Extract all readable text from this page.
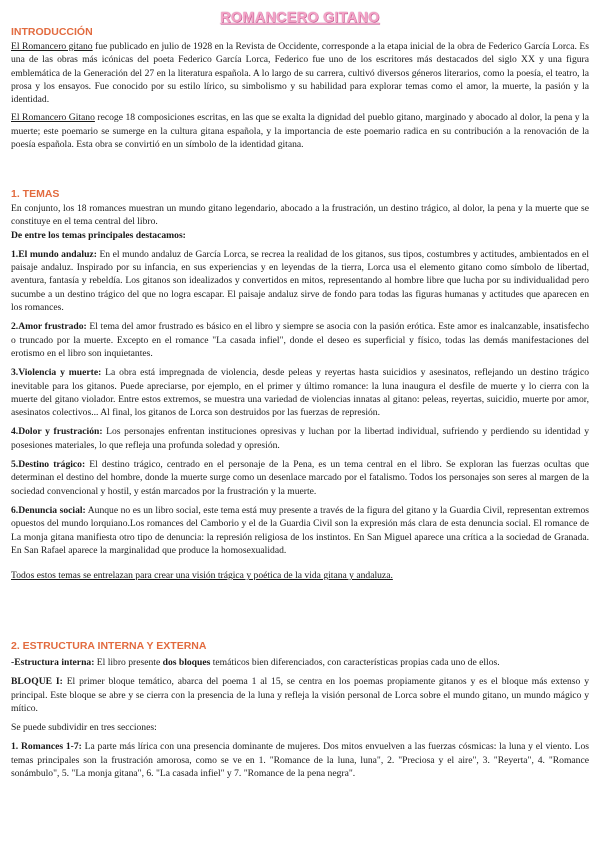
ROMANCERO GITANO
INTRODUCCIÓN

El Romancero gitano fue publicado en julio de 1928 en la Revista de Occidente, corresponde a la etapa inicial de la obra de Federico García Lorca. Es una de las obras más icónicas del poeta Federico García Lorca, Federico fue uno de los escritores más destacados del siglo XX y una figura emblemática de la Generación del 27 en la literatura española. A lo largo de su carrera, cultivó diversos géneros literarios, como la poesía, el teatro, la prosa y los ensayos. Fue conocido por su estilo lírico, su simbolismo y su habilidad para explorar temas como el amor, la muerte, la pasión y la identidad.

El Romancero Gitano recoge 18 composiciones escritas, en las que se exalta la dignidad del pueblo gitano, marginado y abocado al dolor, la pena y la muerte; este poemario se sumerge en la cultura gitana española, y la importancia de este poemario radica en su contribución a la renovación de la poesía española. Esta obra se convirtió en un símbolo de la identidad gitana.

1. TEMAS

En conjunto, los 18 romances muestran un mundo gitano legendario, abocado a la frustración, un destino trágico, al dolor, la pena y la muerte que se constituye en el tema central del libro.

De entre los temas principales destacamos:

1.El mundo andaluz: En el mundo andaluz de García Lorca, se recrea la realidad de los gitanos, sus tipos, costumbres y actitudes, ambientados en el paisaje andaluz. Inspirado por su infancia, en sus experiencias y en leyendas de la tierra, Lorca usa el elemento gitano como símbolo de libertad, aventura, fantasía y rebeldía. Los gitanos son idealizados y convertidos en mitos, representando al hombre libre que lucha por su individualidad pero sucumbe a un destino trágico del que no logra escapar. El paisaje andaluz sirve de fondo para todas las figuras humanas y actitudes que aparecen en los romances.

2.Amor frustrado: El tema del amor frustrado es básico en el libro y siempre se asocia con la pasión erótica. Este amor es inalcanzable, insatisfecho o truncado por la muerte. Excepto en el romance "La casada infiel", donde el deseo es superficial y físico, todas las demás manifestaciones del erotismo en el libro son inquietantes.

3.Violencia y muerte: La obra está impregnada de violencia, desde peleas y reyertas hasta suicidios y asesinatos, reflejando un destino trágico inevitable para los gitanos. Puede apreciarse, por ejemplo, en el primer y último romance: la luna inaugura el desfile de muerte y lo cierra con la muerte del gitano violador. Entre estos extremos, se muestra una variedad de violencias innatas al gitano: peleas, reyertas, suicidio, muerte por amor, asesinatos colectivos... Al final, los gitanos de Lorca son destruidos por las fuerzas de represión.

4.Dolor y frustración: Los personajes enfrentan instituciones opresivas y luchan por la libertad individual, sufriendo y perdiendo su identidad y posesiones materiales, lo que refleja una profunda soledad y opresión.

5.Destino trágico: El destino trágico, centrado en el personaje de la Pena, es un tema central en el libro. Se exploran las fuerzas ocultas que determinan el destino del hombre, donde la muerte surge como un desenlace marcado por el fatalismo. Todos los personajes son seres al margen de la sociedad convencional y hostil, y están marcados por la frustración y la muerte.

6.Denuncia social: Aunque no es un libro social, este tema está muy presente a través de la figura del gitano y la Guardia Civil, representan extremos opuestos del mundo lorquiano.Los romances del Camborio y el de la Guardia Civil son la expresión más clara de esta denuncia social. El romance de La monja gitana manifiesta otro tipo de denuncia: la represión religiosa de los instintos. En San Miguel aparece una crítica a la sociedad de Granada. En San Rafael aparece la marginalidad que produce la homosexualidad.

Todos estos temas se entrelazan para crear una visión trágica y poética de la vida gitana y andaluza.

2. ESTRUCTURA INTERNA Y EXTERNA

-Estructura interna: El libro presente dos bloques temáticos bien diferenciados, con características propias cada uno de ellos.

BLOQUE I: El primer bloque temático, abarca del poema 1 al 15, se centra en los poemas propiamente gitanos y es el bloque más extenso y principal. Este bloque se abre y se cierra con la presencia de la luna y refleja la visión personal de Lorca sobre el mundo gitano, un mundo mágico y mítico.

Se puede subdividir en tres secciones:

1. Romances 1-7: La parte más lírica con una presencia dominante de mujeres. Dos mitos envuelven a las fuerzas cósmicas: la luna y el viento. Los temas principales son la frustración amorosa, como se ve en 1. "Romance de la luna, luna", 2. "Preciosa y el aire", 3. "Reyerta", 4. "Romance sonámbulo", 5. "La monja gitana", 6. "La casada infiel" y 7. "Romance de la pena negra".
